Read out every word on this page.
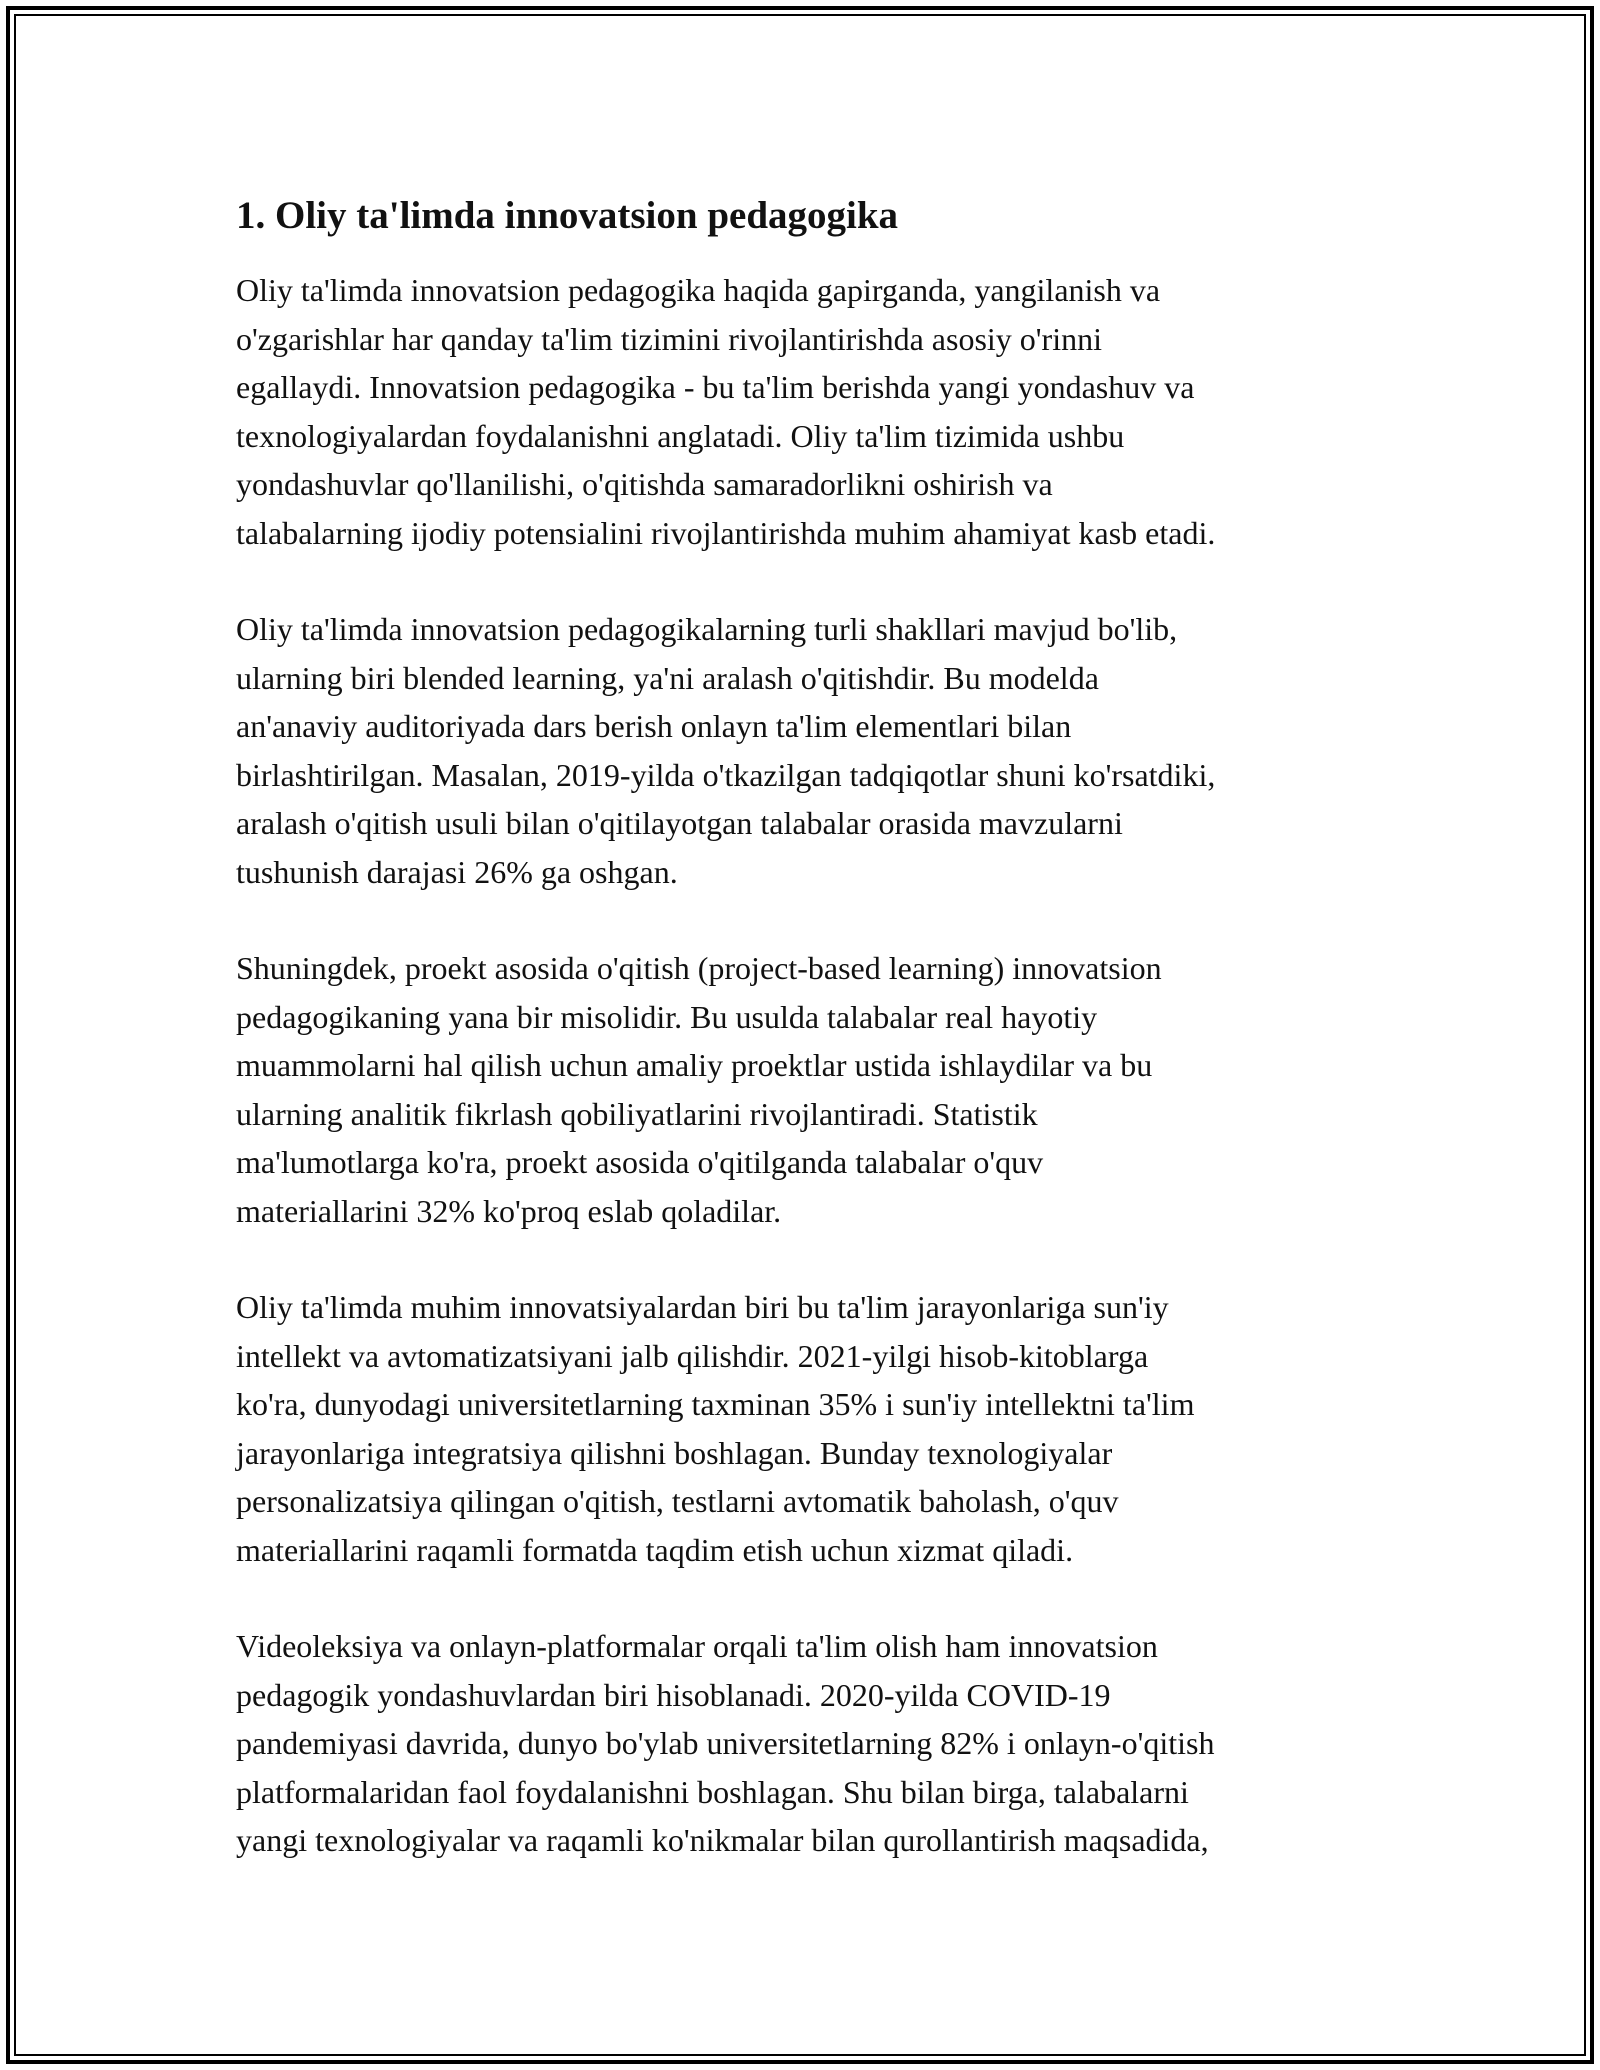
1. Oliy ta'limda innovatsion pedagogika

Oliy ta'limda innovatsion pedagogika haqida gapirganda, yangilanish va
o'zgarishlar har qanday ta'lim tizimini rivojlantirishda asosiy o'rinni
egallaydi. Innovatsion pedagogika - bu ta'lim berishda yangi yondashuv va
texnologiyalardan foydalanishni anglatadi. Oliy ta'lim tizimida ushbu
yondashuvlar qo'llanilishi, o'qitishda samaradorlikni oshirish va
talabalarning ijodiy potensialini rivojlantirishda muhim ahamiyat kasb etadi.

Oliy ta'limda innovatsion pedagogikalarning turli shakllari mavjud bo'lib,
ularning biri blended learning, ya'ni aralash o'qitishdir. Bu modelda
an'anaviy auditoriyada dars berish onlayn ta'lim elementlari bilan
birlashtirilgan. Masalan, 2019-yilda o'tkazilgan tadqiqotlar shuni ko'rsatdiki,
aralash o'qitish usuli bilan o'qitilayotgan talabalar orasida mavzularni
tushunish darajasi 26% ga oshgan.

Shuningdek, proekt asosida o'qitish (project-based learning) innovatsion
pedagogikaning yana bir misolidir. Bu usulda talabalar real hayotiy
muammolarni hal qilish uchun amaliy proektlar ustida ishlaydilar va bu
ularning analitik fikrlash qobiliyatlarini rivojlantiradi. Statistik
ma'lumotlarga ko'ra, proekt asosida o'qitilganda talabalar o'quv
materiallarini 32% ko'proq eslab qoladilar.

Oliy ta'limda muhim innovatsiyalardan biri bu ta'lim jarayonlariga sun'iy
intellekt va avtomatizatsiyani jalb qilishdir. 2021-yilgi hisob-kitoblarga
ko'ra, dunyodagi universitetlarning taxminan 35% i sun'iy intellektni ta'lim
jarayonlariga integratsiya qilishni boshlagan. Bunday texnologiyalar
personalizatsiya qilingan o'qitish, testlarni avtomatik baholash, o'quv
materiallarini raqamli formatda taqdim etish uchun xizmat qiladi.

Videoleksiya va onlayn-platformalar orqali ta'lim olish ham innovatsion
pedagogik yondashuvlardan biri hisoblanadi. 2020-yilda COVID-19
pandemiyasi davrida, dunyo bo'ylab universitetlarning 82% i onlayn-o'qitish
platformalaridan faol foydalanishni boshlagan. Shu bilan birga, talabalarni
yangi texnologiyalar va raqamli ko'nikmalar bilan qurollantirish maqsadida,
